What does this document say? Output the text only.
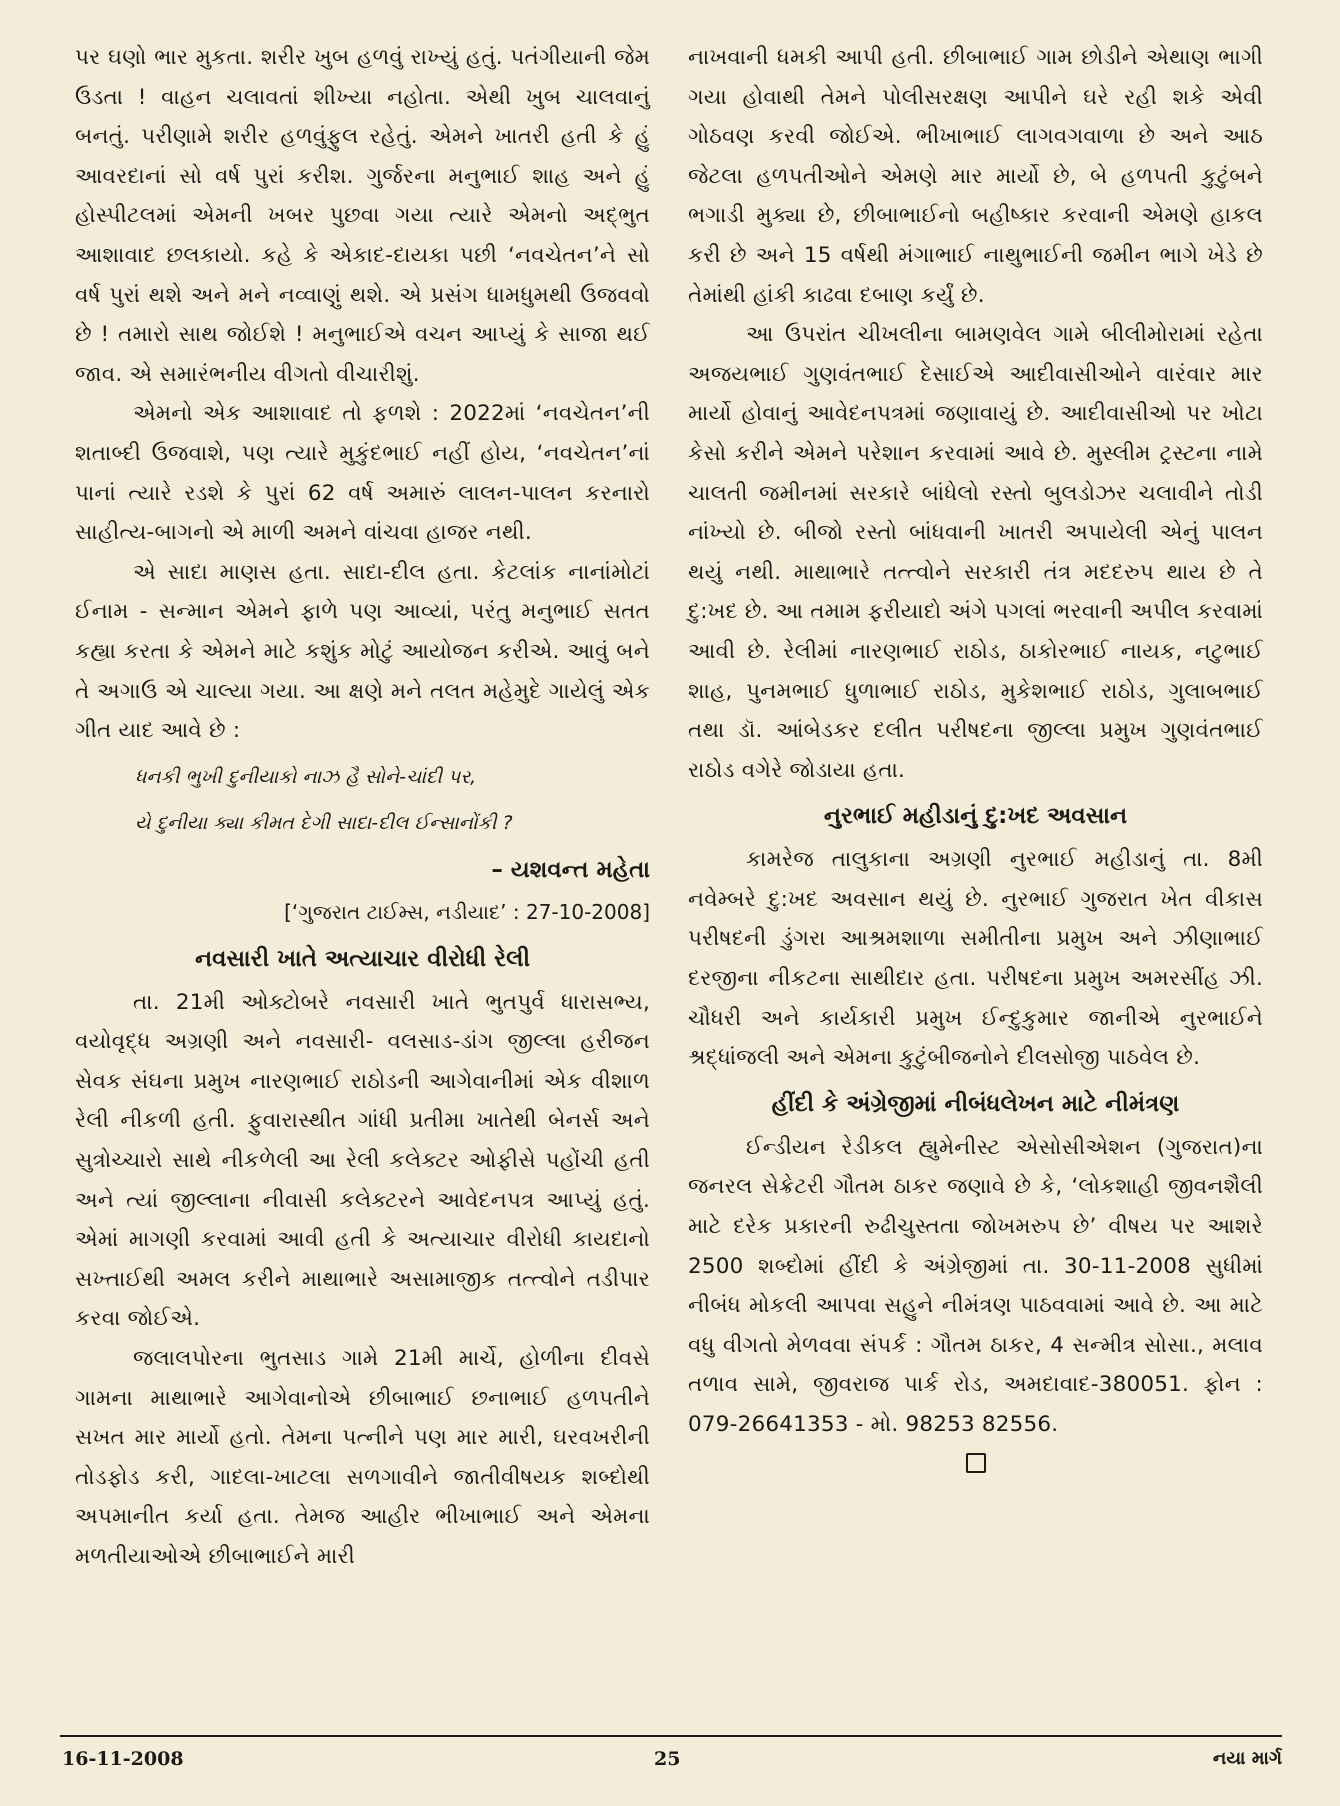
પર ઘણો ભાર મુકતા. શરીર ખુબ હળવું રાખ્યું હતું. પતંગીયાની જેમ ઉડતા ! વાહન ચલાવતાં શીખ્યા નહોતા. એથી ખુબ ચાલવાનું બનતું. પરીણામે શરીર હળવુંફુલ રહેતું. એમને ખાતરી હતી કે હું આવરદાનાં સો વર્ષ પુરાં કરીશ. ગુર્જરના મનુભાઈ શાહ અને હું હોસ્પીટલમાં એમની ખબર પુછવા ગયા ત્યારે એમનો અદ્ભુત આશાવાદ છલકાયો. કહે કે એકાદ-દાયકા પછી ‘નવચેતન’ને સો વર્ષ પુરાં થશે અને મને નવ્વાણું થશે. એ પ્રસંગ ધામધુમથી ઉજવવો છે ! તમારો સાથ જોઈશે ! મનુભાઈએ વચન આપ્યું કે સાજા થઈ જાવ. એ સમારંભનીય વીગતો વીચારીશું.

એમનો એક આશાવાદ તો ફળશે : 2022માં ‘નવચેતન’ની શતાબ્દી ઉજવાશે, પણ ત્યારે મુકુંદભાઈ નહીં હોય, ‘નવચેતન’નાં પાનાં ત્યારે રડશે કે પુરાં 62 વર્ષ અમારું લાલન-પાલન કરનારો સાહીત્ય-બાગનો એ માળી અમને વાંચવા હાજર નથી.

એ સાદા માણસ હતા. સાદા-દીલ હતા. કેટલાંક નાનાંમોટાં ઈનામ - સન્માન એમને ફાળે પણ આવ્યાં, પરંતુ મનુભાઈ સતત કહ્યા કરતા કે એમને માટે કશુંક મોટું આયોજન કરીએ. આવું બને તે અગાઉ એ ચાલ્યા ગયા. આ ક્ષણે મને તલત મહેમુદે ગાયેલું એક ગીત યાદ આવે છે :

ધનકી ભુખી દુનીયાકો નાઝ હૈ સોને-ચાંદી પર,
યે દુનીયા ક્યા કીમત દેગી સાદા-દીલ ઈન્સાનોંકી ?
– યશવન્ત મહેતા
[‘ગુજરાત ટાઈમ્સ, નડીયાદ’ : 27-10-2008]
નવસારી ખાતે અત્યાચાર વીરોધી રેલી

તા. 21મી ઓક્ટોબરે નવસારી ખાતે ભુતપુર્વ ધારાસભ્ય, વયોવૃદ્ધ અગ્રણી અને નવસારી- વલસાડ-ડાંગ જીલ્લા હરીજન સેવક સંઘના પ્રમુખ નારણભાઈ રાઠોડની આગેવાનીમાં એક વીશાળ રેલી નીકળી હતી. ફુવારાસ્થીત ગાંધી પ્રતીમા ખાતેથી બેનર્સ અને સુત્રોચ્ચારો સાથે નીકળેલી આ રેલી કલેક્ટર ઓફીસે પહોંચી હતી અને ત્યાં જીલ્લાના નીવાસી કલેક્ટરને આવેદનપત્ર આપ્યું હતું. એમાં માગણી કરવામાં આવી હતી કે અત્યાચાર વીરોધી કાયદાનો સખ્તાઈથી અમલ કરીને માથાભારે અસામાજીક તત્ત્વોને તડીપાર કરવા જોઈએ.

જલાલપોરના ભુતસાડ ગામે 21મી માર્ચે, હોળીના દીવસે ગામના માથાભારે આગેવાનોએ છીબાભાઈ છનાભાઈ હળપતીને સખત માર માર્યો હતો. તેમના પત્નીને પણ માર મારી, ઘરવખરીની તોડફોડ કરી, ગાદલા-ખાટલા સળગાવીને જાતીવીષયક શબ્દોથી અપમાનીત કર્યા હતા. તેમજ આહીર ભીખાભાઈ અને એમના મળતીયાઓએ છીબાભાઈને મારી

નાખવાની ધમકી આપી હતી. છીબાભાઈ ગામ છોડીને એથાણ ભાગી ગયા હોવાથી તેમને પોલીસરક્ષણ આપીને ઘરે રહી શકે એવી ગોઠવણ કરવી જોઈએ. ભીખાભાઈ લાગવગવાળા છે અને આઠ જેટલા હળપતીઓને એમણે માર માર્યો છે, બે હળપતી કુટુંબને ભગાડી મુક્યા છે, છીબાભાઈનો બહીષ્કાર કરવાની એમણે હાકલ કરી છે અને 15 વર્ષથી મંગાભાઈ નાથુભાઈની જમીન ભાગે ખેડે છે તેમાંથી હાંકી કાઢવા દબાણ કર્યું છે.

આ ઉપરાંત ચીખલીના બામણવેલ ગામે બીલીમોરામાં રહેતા અજયભાઈ ગુણવંતભાઈ દેસાઈએ આદીવાસીઓને વારંવાર માર માર્યો હોવાનું આવેદનપત્રમાં જણાવાયું છે. આદીવાસીઓ પર ખોટા કેસો કરીને એમને પરેશાન કરવામાં આવે છે. મુસ્લીમ ટ્રસ્ટના નામે ચાલતી જમીનમાં સરકારે બાંધેલો રસ્તો બુલડોઝર ચલાવીને તોડી નાંખ્યો છે. બીજો રસ્તો બાંધવાની ખાતરી અપાયેલી એનું પાલન થયું નથી. માથાભારે તત્ત્વોને સરકારી તંત્ર મદદરુપ થાય છે તે દુ:ખદ છે. આ તમામ ફરીયાદો અંગે પગલાં ભરવાની અપીલ કરવામાં આવી છે. રેલીમાં નારણભાઈ રાઠોડ, ઠાકોરભાઈ નાયક, નટુભાઈ શાહ, પુનમભાઈ ધુળાભાઈ રાઠોડ, મુકેશભાઈ રાઠોડ, ગુલાબભાઈ તથા ડૉ. આંબેડકર દલીત પરીષદના જીલ્લા પ્રમુખ ગુણવંતભાઈ રાઠોડ વગેરે જોડાયા હતા.

નુરભાઈ મહીડાનું દુ:ખદ અવસાન

કામરેજ તાલુકાના અગ્રણી નુરભાઈ મહીડાનું તા. 8મી નવેમ્બરે દુ:ખદ અવસાન થયું છે. નુરભાઈ ગુજરાત ખેત વીકાસ પરીષદની ડુંગરા આશ્રમશાળા સમીતીના પ્રમુખ અને ઝીણાભાઈ દરજીના નીકટના સાથીદાર હતા. પરીષદના પ્રમુખ અમરસીંહ ઝી. ચૌધરી અને કાર્યકારી પ્રમુખ ઈન્દુકુમાર જાનીએ નુરભાઈને શ્રદ્ધાંજલી અને એમના કુટુંબીજનોને દીલસોજી પાઠવેલ છે.

હીંદી કે અંગ્રેજીમાં નીબંધલેખન માટે નીમંત્રણ

ઈન્ડીયન રેડીકલ હ્યુમેનીસ્ટ એસોસીએશન (ગુજરાત)ના જનરલ સેક્રેટરી ગૌતમ ઠાકર જણાવે છે કે, ‘લોકશાહી જીવનશૈલી માટે દરેક પ્રકારની રુઢીચુસ્તતા જોખમરુપ છે’ વીષય પર આશરે 2500 શબ્દોમાં હીંદી કે અંગ્રેજીમાં તા. 30-11-2008 સુધીમાં નીબંધ મોકલી આપવા સહુને નીમંત્રણ પાઠવવામાં આવે છે. આ માટે વધુ વીગતો મેળવવા સંપર્ક : ગૌતમ ઠાકર, 4 સન્મીત્ર સોસા., મલાવ તળાવ સામે, જીવરાજ પાર્ક રોડ, અમદાવાદ-380051. ફોન : 079-26641353 - મો. 98253 82556.

16-11-2008	25	નયા માર્ગ
